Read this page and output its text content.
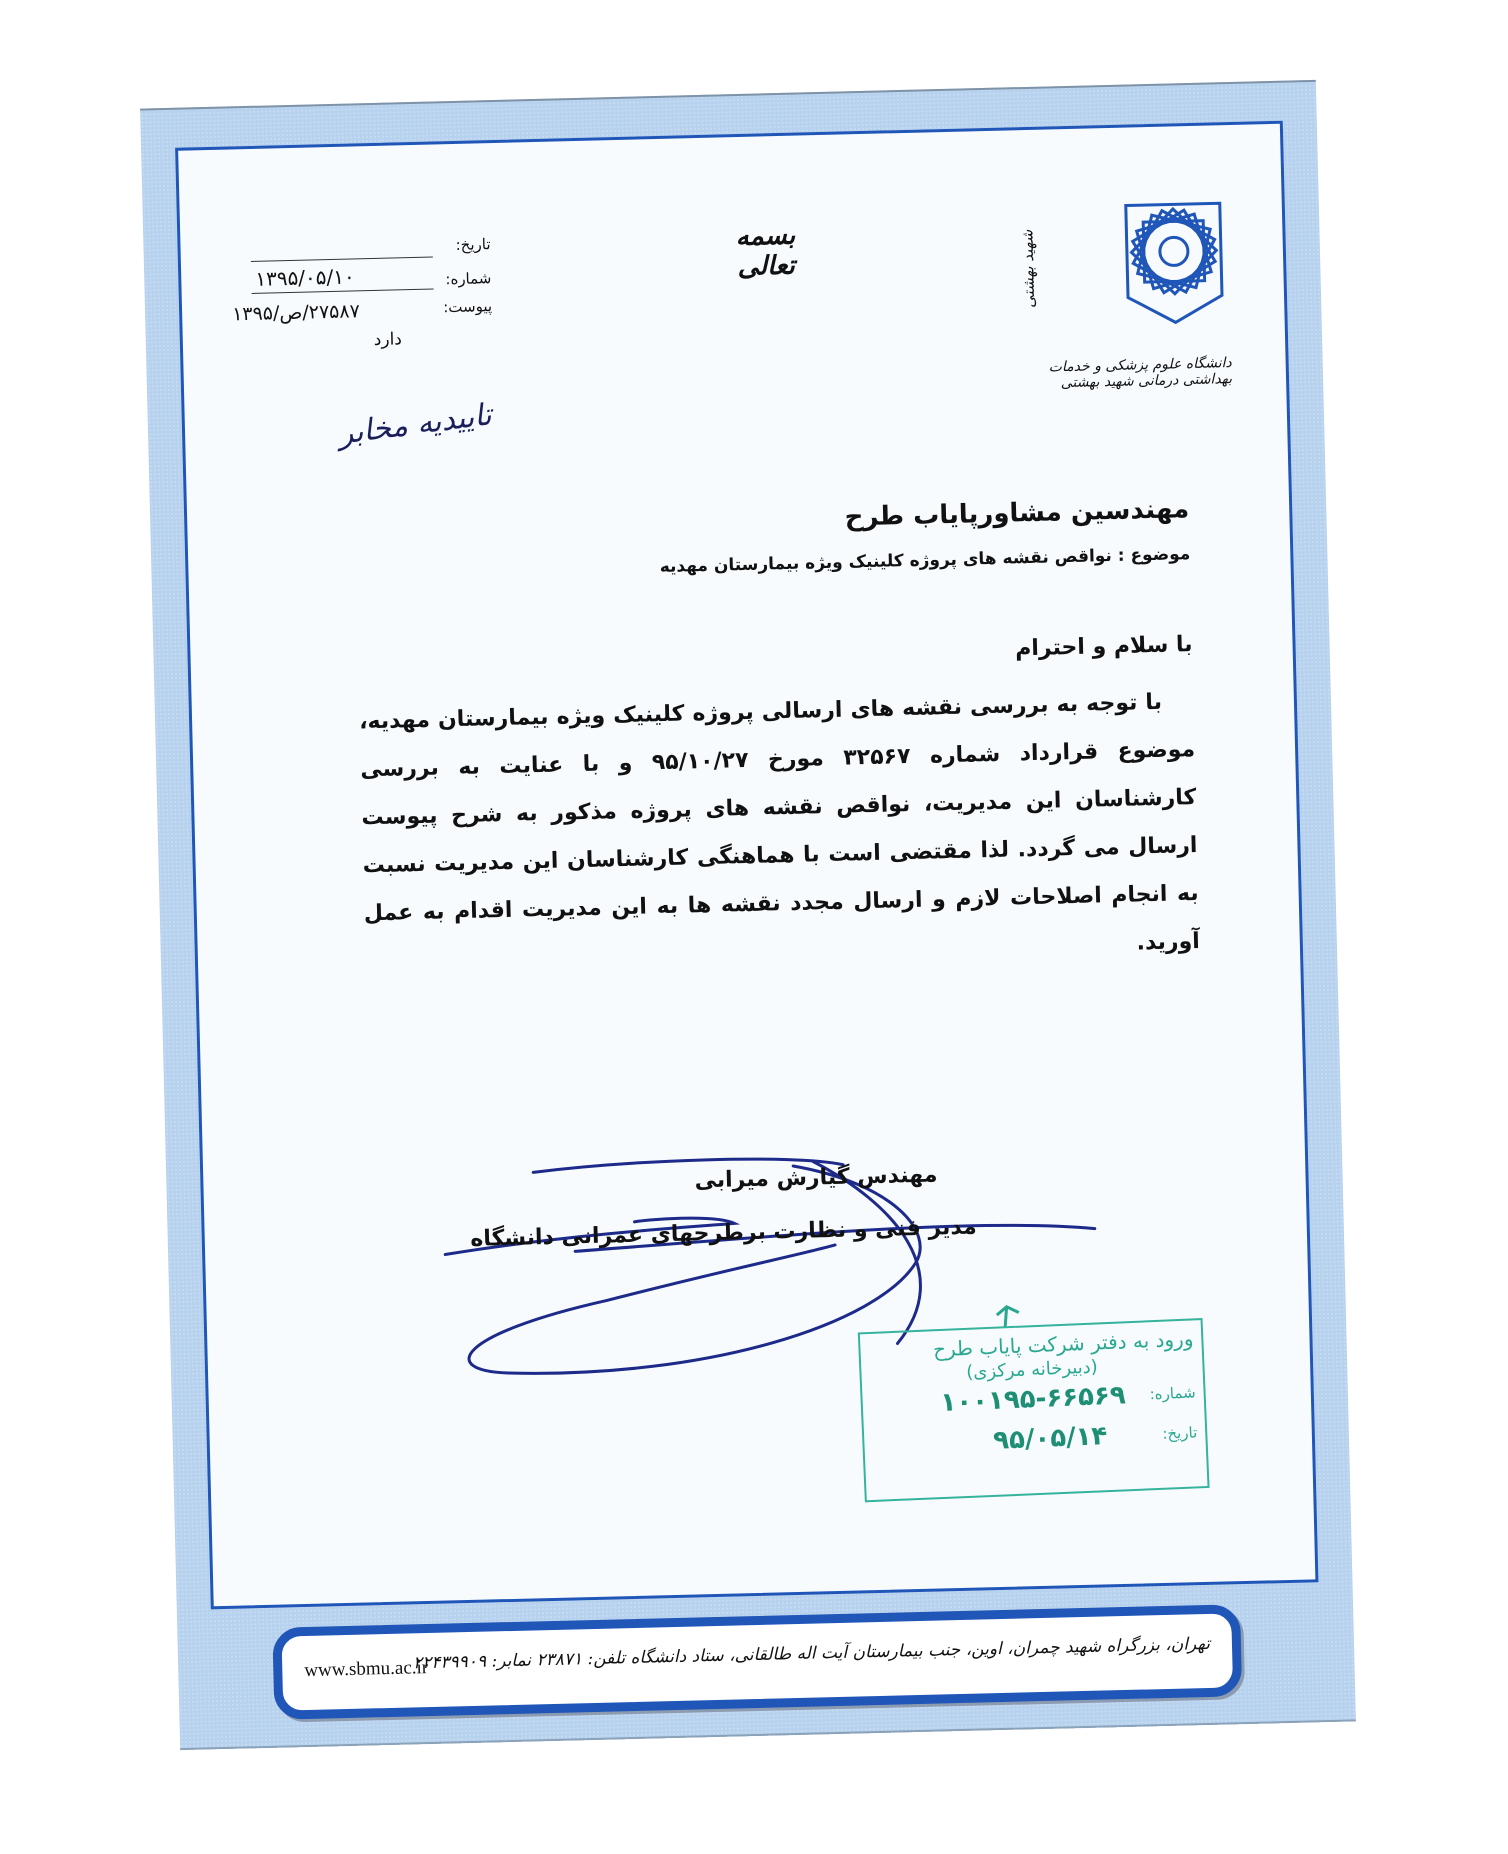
شهید بهشتی
دانشگاه علوم پزشکی و خدمات بهداشتی درمانی شهید بهشتی
بسمه تعالی
تاریخ:
۱۳۹۵/۰۵/۱۰	شماره:
پیوست:
۲۷۵۸۷/ص/۱۳۹۵
دارد
تاییدیه مخابر
مهندسین مشاورپایاب طرح
موضوع : نواقص نقشه های پروژه کلینیک ویژه بیمارستان مهدیه
با سلام و احترام

با توجه به بررسی نقشه های ارسالی پروژه کلینیک ویژه بیمارستان مهدیه، موضوع قرارداد شماره ۳۲۵۶۷ مورخ ۹۵/۱۰/۲۷ و با عنایت به بررسی کارشناسان این مدیریت، نواقص نقشه های پروژه مذکور به شرح پیوست ارسال می گردد. لذا مقتضی است با هماهنگی کارشناسان این مدیریت نسبت به انجام اصلاحات لازم و ارسال مجدد نقشه ها به این مدیریت اقدام به عمل آورید.

مهندس گیارش میرابی
مدیر فنی و نظارت برطرحهای عمرانی دانشگاه
ورود به دفتر شرکت پایاب طرح
(دبیرخانه مرکزی)
شماره:
۱۰۰۱۹۵-۶۶۵۶۹
تاریخ:
۹۵/۰۵/۱۴
تهران، بزرگراه شهید چمران، اوین، جنب بیمارستان آیت اله طالقانی، ستاد دانشگاه تلفن: ۲۳۸۷۱ نمابر: ۲۲۴۳۹۹۰۹
www.sbmu.ac.ir
